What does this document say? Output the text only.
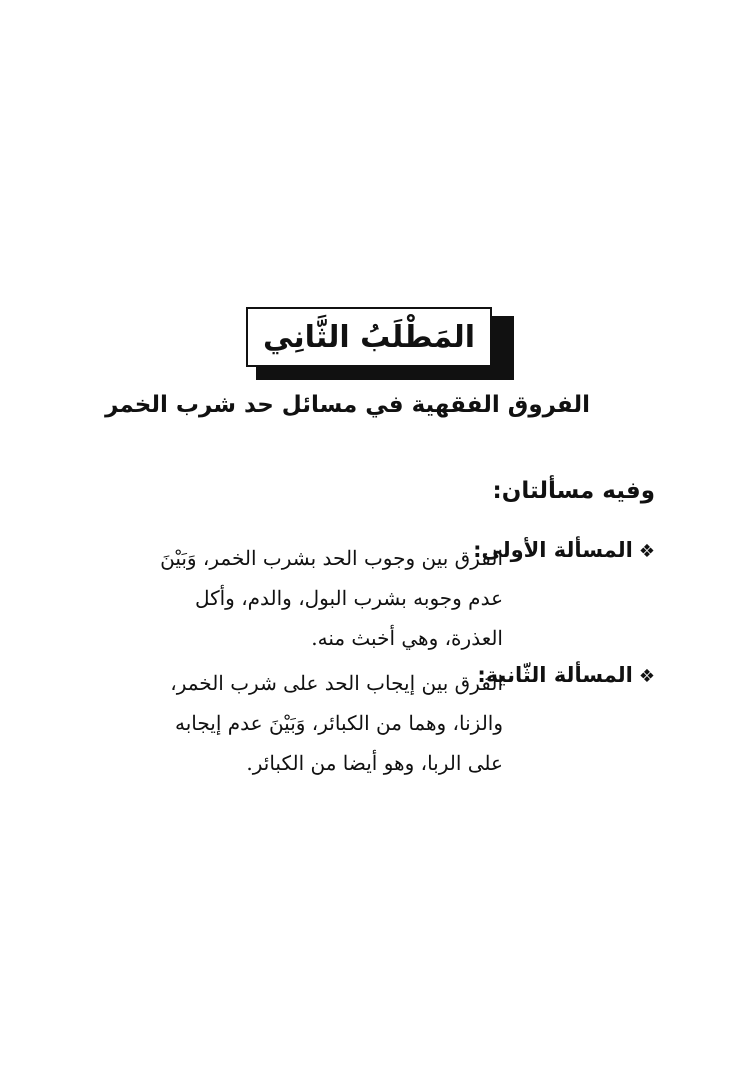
المَطْلَبُ الثَّانِي
الفروق الفقهية في مسائل حد شرب الخمر
وفيه مسألتان:
❖المسألة الأولى:
الفرق بين وجوب الحد بشرب الخمر، وَبَيْنَ
عدم وجوبه بشرب البول، والدم، وأكل
العذرة، وهي أخبث منه.
❖المسألة الثّانية:
الفرق بين إيجاب الحد على شرب الخمر،
والزنا، وهما من الكبائر، وَبَيْنَ عدم إيجابه
على الربا، وهو أيضا من الكبائر.
